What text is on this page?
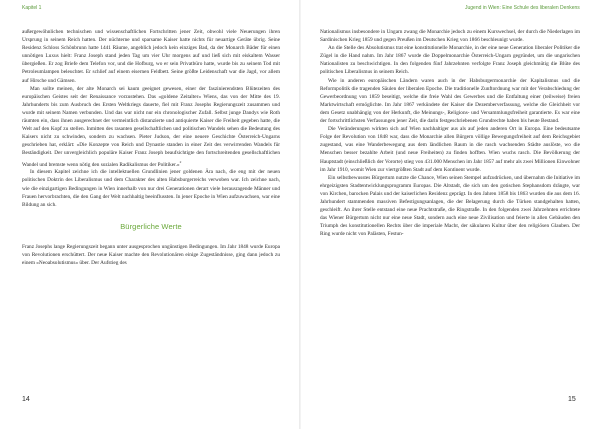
Kapitel 1

außergewöhnlichen technischen und wissenschaftlichen Fortschritten jener Zeit, obwohl viele Neuerungen ihren Ursprung in seinem Reich hatten. Der nüchterne und sparsame Kaiser hatte nichts für neuartige Geräte übrig. Seine Residenz Schloss Schönbrunn hatte 1441 Räume, angeblich jedoch kein einziges Bad, da der Monarch Bäder für einen unnötigen Luxus hielt: Franz Joseph stand jeden Tag um vier Uhr morgens auf und ließ sich mit eiskaltem Wasser übergießen. Er zog Briefe dem Telefon vor, und die Hofburg, wo er sein Privatbüro hatte, wurde bis zu seinem Tod mit Petroleumlampen beleuchtet. Er schlief auf einem eisernen Feldbett. Seine größte Leidenschaft war die Jagd, vor allem auf Hirsche und Gämsen.

Man sollte meinen, der alte Monarch sei kaum geeignet gewesen, einer der faszinierendsten Blütezeiten des europäischen Geistes seit der Renaissance vorzustehen. Das »goldene Zeitalter« Wiens, das von der Mitte des 19. Jahrhunderts bis zum Ausbruch des Ersten Weltkriegs dauerte, fiel mit Franz Josephs Regierungszeit zusammen und wurde mit seinem Namen verbunden. Und das war nicht nur ein chronologischer Zufall. Selbst junge Dandys wie Roth räumten ein, dass ihnen ausgerechnet der vermeintlich distanzierte und antiquierte Kaiser die Freiheit gegeben hatte, die Welt auf den Kopf zu stellen. Inmitten des rasanten gesellschaftlichen und politischen Wandels sehen die Bedeutung des Kaisers nicht zu schwinden, sondern zu wachsen. Pieter Judson, der eine neuere Geschichte Österreich-Ungarns geschrieben hat, erklärt: »Die Konzepte von Reich und Dynastie standen in einer Zeit des verwirrenden Wandels für Beständigkeit. Der unvergleichlich populäre Kaiser Franz Joseph beaufsichtigte den fortschreitenden gesellschaftlichen Wandel und bremste wenn nötig den sozialen Radikalismus der Politiker.«$^2$

In diesem Kapitel zeichne ich die intellektuellen Grundlinien jener goldenen Ära nach, die eng mit der neuen politischen Doktrin des Liberalismus und dem Charakter des alten Habsburgerreichs verwoben war. Ich zeichne nach, wie die einzigartigen Bedingungen in Wien innerhalb von nur drei Generationen derart viele herausragende Männer und Frauen hervorbrachten, die den Gang der Welt nachhaltig beeinflussten. In jener Epoche in Wien aufzuwachsen, war eine Bildung an sich.

Bürgerliche Werte

Franz Josephs lange Regierungszeit begann unter ausgesprochen ungünstigen Bedingungen. Im Jahr 1848 wurde Europa von Revolutionen erschüttert. Der neue Kaiser machte den Revolutionären einige Zugeständnisse, ging dann jedoch zu einem »Neoabsolutismus« über. Der Aufstieg des

14
Jugend in Wien: Eine Schule des liberalen Denkens

Nationalismus insbesondere in Ungarn zwang die Monarchie jedoch zu einem Kurswechsel, der durch die Niederlagen im Sardinischen Krieg 1859 und gegen Preußen im Deutschen Krieg von 1866 beschleunigt wurde.

An die Stelle des Absolutismus trat eine konstitutionelle Monarchie, in der eine neue Generation liberaler Politiker die Zügel in die Hand nahm. Im Jahr 1867 wurde die Doppelmonarchie Österreich-Ungarn gegründet, um die ungarischen Nationalisten zu beschwichtigen. In den folgenden fünf Jahrzehnten verfolgte Franz Joseph gleichmütig die Blüte des politischen Liberalismus in seinem Reich.

Wie in anderen europäischen Ländern waren auch in der Habsburgermonarchie der Kapitalismus und die Reformpolitik die tragenden Säulen der liberalen Epoche. Die traditionelle Zunftordnung war mit der Verabschiedung der Gewerbeordnung von 1859 beseitigt, welche die freie Wahl des Gewerbes und die Entfaltung einer (teilweise) freien Marktwirtschaft ermöglichte. Im Jahr 1867 verkündete der Kaiser die Dezemberverfassung, welche die Gleichheit vor dem Gesetz unabhängig von der Herkunft, die Meinungs-, Religions- und Versammlungsfreiheit garantierte. Es war eine der fortschrittlichsten Verfassungen jener Zeit, die darin festgeschriebenen Grundrechte haben bis heute Bestand.

Die Veränderungen wirkten sich auf Wien nachhaltiger aus als auf jeden anderen Ort in Europa. Eine bedeutsame Folge der Revolution von 1848 war, dass die Monarchie allen Bürgern völlige Bewegungsfreiheit auf dem Reichsgebiet zugestand, was eine Wanderbewegung aus dem ländlichen Raum in die rasch wachsenden Städte auslöste, wo die Menschen besser bezahlte Arbeit (und neue Freiheiten) zu finden hofften. Wien wuchs rasch. Die Bevölkerung der Hauptstadt (einschließlich der Vororte) stieg von 431.000 Menschen im Jahr 1857 auf mehr als zwei Millionen Einwohner im Jahr 1910, womit Wien zur viertgrößten Stadt auf dem Kontinent wurde.

Ein selbstbewusstes Bürgertum nutzte die Chance, Wien seinen Stempel aufzudrücken, und übernahm die Initiative im ehrgeizigsten Stadtentwicklungsprogramm Europas. Die Altstadt, die sich um den gotischen Stephansdom drängte, war von Kirchen, barocken Palais und der kaiserlichen Residenz geprägt. In den Jahren 1858 bis 1863 wurden die aus dem 16. Jahrhundert stammenden massiven Befestigungsanlagen, die der Belagerung durch die Türken standgehalten hatten, geschleift. An ihrer Stelle entstand eine neue Prachtstraße, die Ringstraße. In den folgenden zwei Jahrzehnten errichtete das Wiener Bürgertum nicht nur eine neue Stadt, sondern auch eine neue Zivilisation und feierte in allen Gebäuden den Triumph des konstitutionellen Rechts über die imperiale Macht, der säkularen Kultur über den religiösen Glauben. Der Ring wurde nicht von Palästen, Festun-

15
